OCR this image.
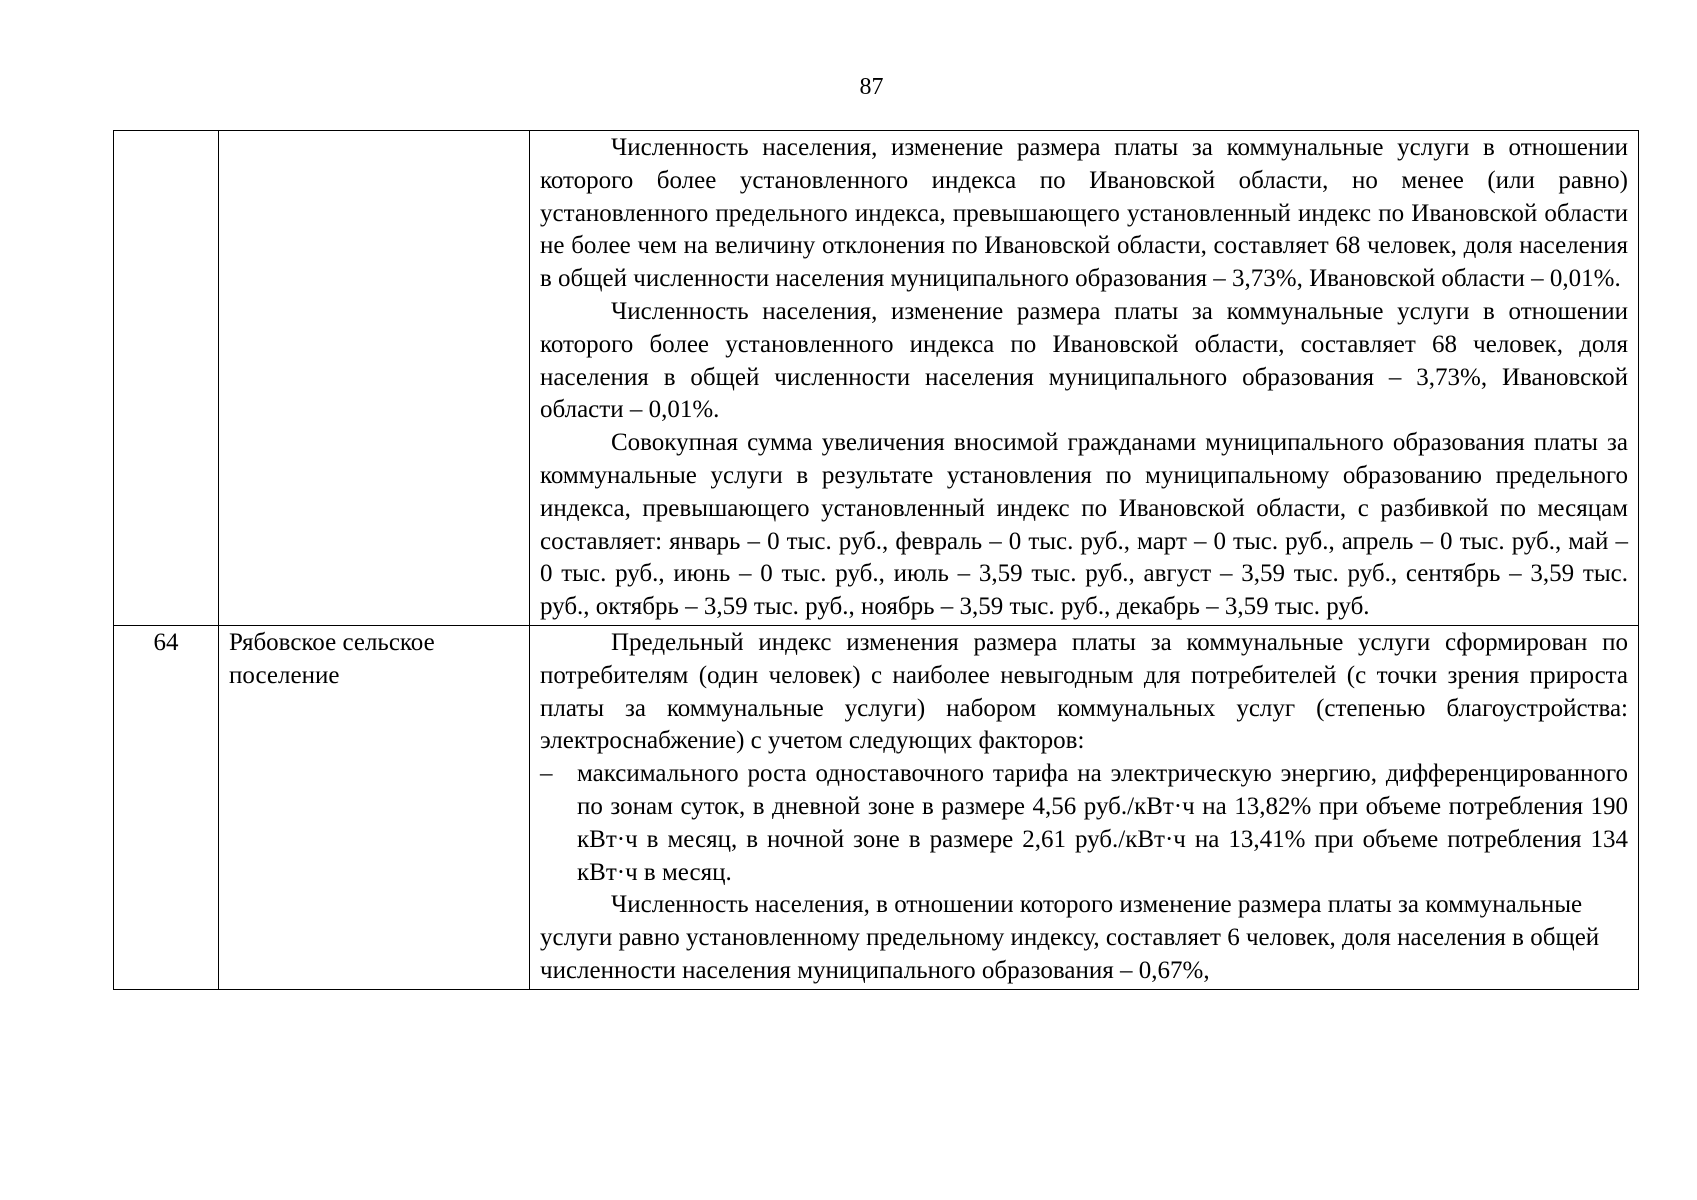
87

		Численность населения, изменение размера платы за коммунальные услуги в отношении которого более установленного индекса по Ивановской области, но менее (или равно) установленного предельного индекса, превышающего установленный индекс по Ивановской области не более чем на величину отклонения по Ивановской области, составляет 68 человек, доля населения в общей численности населения муниципального образования – 3,73%, Ивановской области – 0,01%.

Численность населения, изменение размера платы за коммунальные услуги в отношении которого более установленного индекса по Ивановской области, составляет 68 человек, доля населения в общей численности населения муниципального образования – 3,73%, Ивановской области – 0,01%.

Совокупная сумма увеличения вносимой гражданами муниципального образования платы за коммунальные услуги в результате установления по муниципальному образованию предельного индекса, превышающего установленный индекс по Ивановской области, с разбивкой по месяцам составляет: январь – 0 тыс. руб., февраль – 0 тыс. руб., март – 0 тыс. руб., апрель – 0 тыс. руб., май – 0 тыс. руб., июнь – 0 тыс. руб., июль – 3,59 тыс. руб., август – 3,59 тыс. руб., сентябрь – 3,59 тыс. руб., октябрь – 3,59 тыс. руб., ноябрь – 3,59 тыс. руб., декабрь – 3,59 тыс. руб.

64	Рябовское сельское поселение	Предельный индекс изменения размера платы за коммунальные услуги сформирован по потребителям (один человек) с наиболее невыгодным для потребителей (с точки зрения прироста платы за коммунальные услуги) набором коммунальных услуг (степенью благоустройства: электроснабжение) с учетом следующих факторов:

– максимального роста одноставочного тарифа на электрическую энергию, дифференцированного по зонам суток, в дневной зоне в размере 4,56 руб./кВт·ч на 13,82% при объеме потребления 190 кВт·ч в месяц, в ночной зоне в размере 2,61 руб./кВт·ч на 13,41% при объеме потребления 134 кВт·ч в месяц.

Численность населения, в отношении которого изменение размера платы за коммунальные услуги равно установленному предельному индексу, составляет 6 человек, доля населения в общей численности населения муниципального образования – 0,67%,
